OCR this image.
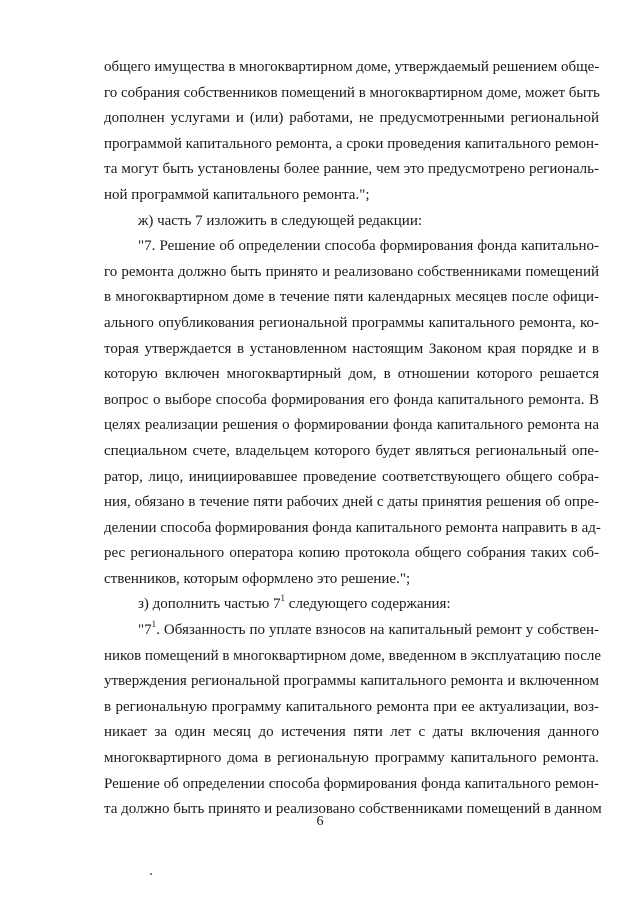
общего имущества в многоквартирном доме, утверждаемый решением обще-
го собрания собственников помещений в многоквартирном доме, может быть
дополнен услугами и (или) работами, не предусмотренными региональной
программой капитального ремонта, а сроки проведения капитального ремон-
та могут быть установлены более ранние, чем это предусмотрено региональ-
ной программой капитального ремонта.";
ж) часть 7 изложить в следующей редакции:
"7. Решение об определении способа формирования фонда капитально-
го ремонта должно быть принято и реализовано собственниками помещений
в многоквартирном доме в течение пяти календарных месяцев после офици-
ального опубликования региональной программы капитального ремонта, ко-
торая утверждается в установленном настоящим Законом края порядке и в
которую включен многоквартирный дом, в отношении которого решается
вопрос о выборе способа формирования его фонда капитального ремонта. В
целях реализации решения о формировании фонда капитального ремонта на
специальном счете, владельцем которого будет являться региональный опе-
ратор, лицо, инициировавшее проведение соответствующего общего собра-
ния, обязано в течение пяти рабочих дней с даты принятия решения об опре-
делении способа формирования фонда капитального ремонта направить в ад-
рес регионального оператора копию протокола общего собрания таких соб-
ственников, которым оформлено это решение.";
з) дополнить частью $7^1$ следующего содержания:
"$7^1$. Обязанность по уплате взносов на капитальный ремонт у собствен-
ников помещений в многоквартирном доме, введенном в эксплуатацию после
утверждения региональной программы капитального ремонта и включенном
в региональную программу капитального ремонта при ее актуализации, воз-
никает за один месяц до истечения пяти лет с даты включения данного
многоквартирного дома в региональную программу капитального ремонта.
Решение об определении способа формирования фонда капитального ремон-
та должно быть принято и реализовано собственниками помещений в данном
6
